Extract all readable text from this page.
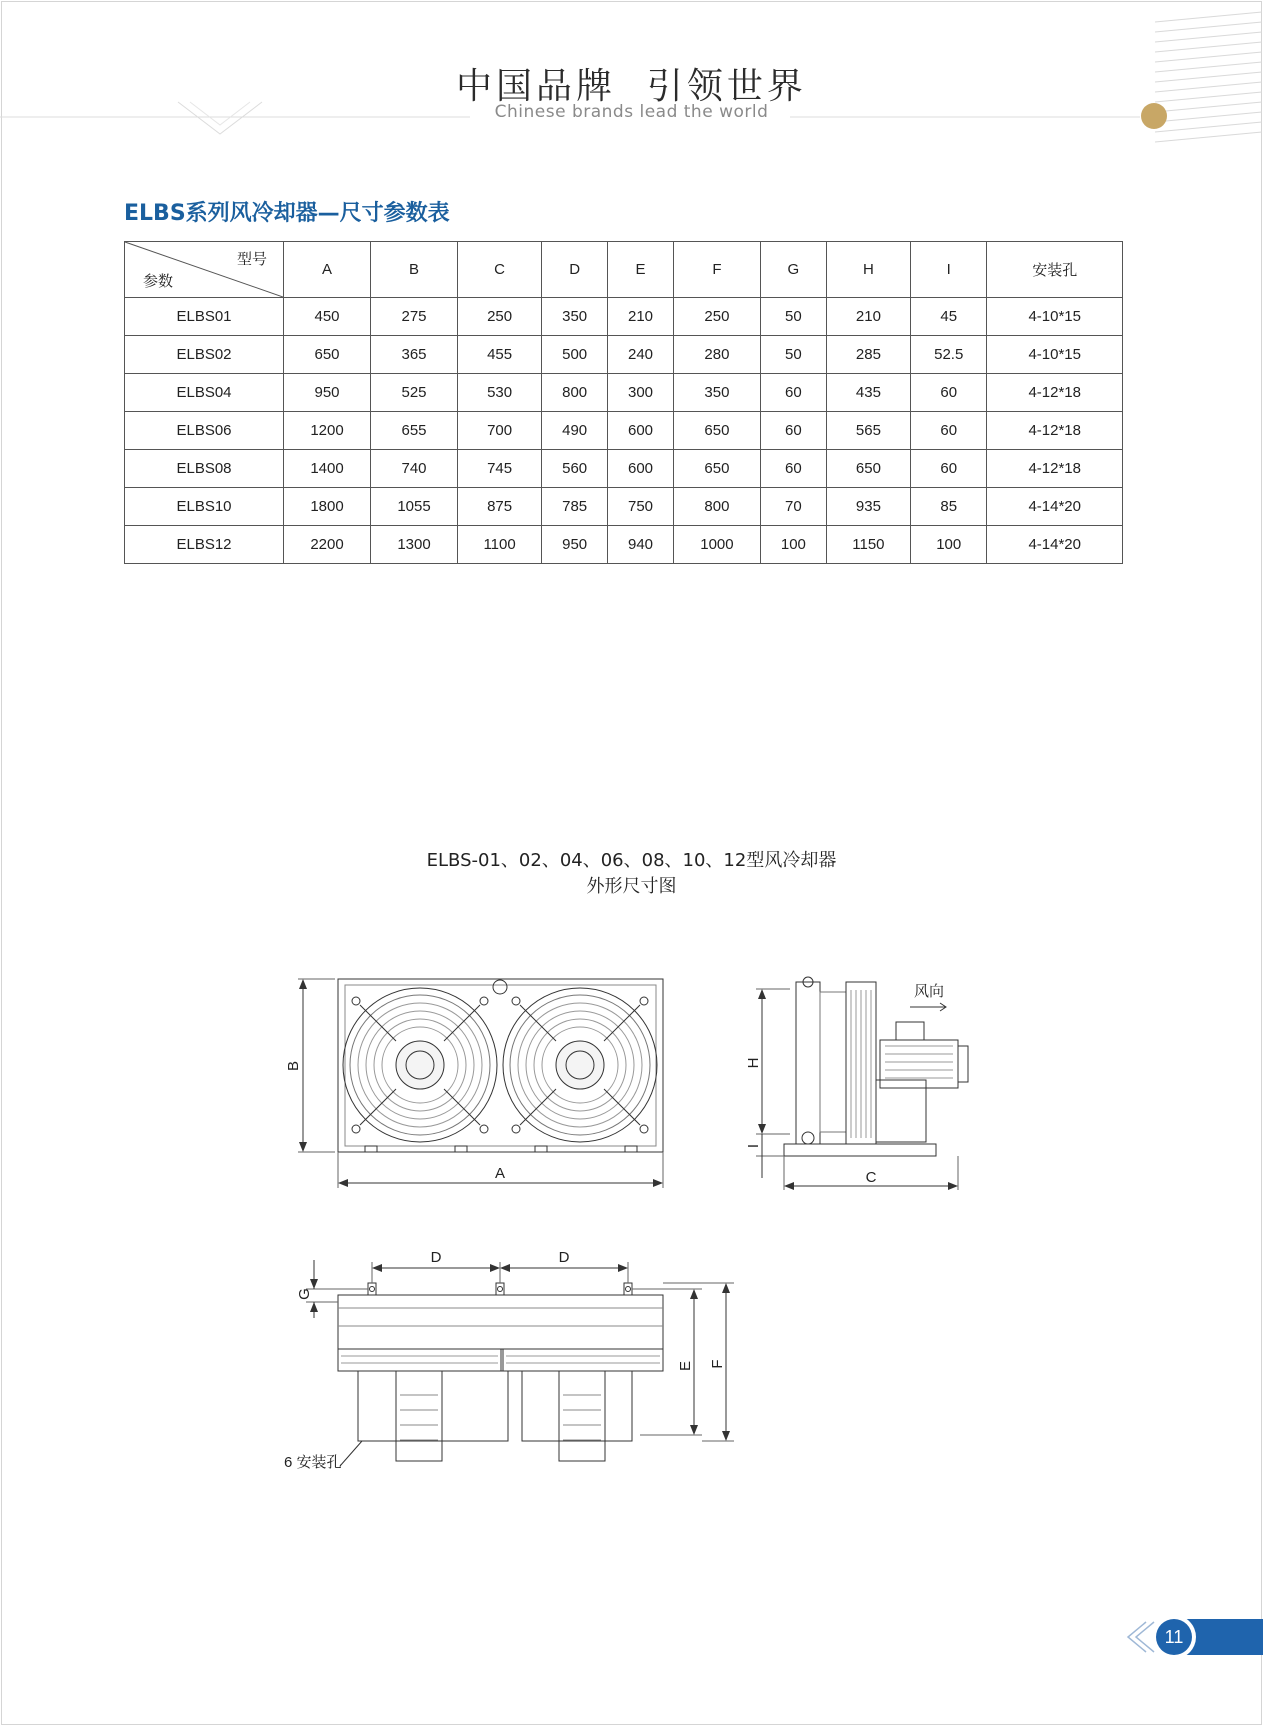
中国品牌  引领世界
Chinese brands lead the world
ELBS系列风冷却器—尺寸参数表
型号
参数	A	B	C	D	E	F	G	H	I	安装孔
ELBS01	450	275	250	350	210	250	50	210	45	4-10*15
ELBS02	650	365	455	500	240	280	50	285	52.5	4-10*15
ELBS04	950	525	530	800	300	350	60	435	60	4-12*18
ELBS06	1200	655	700	490	600	650	60	565	60	4-12*18
ELBS08	1400	740	745	560	600	650	60	650	60	4-12*18
ELBS10	1800	1055	875	785	750	800	70	935	85	4-14*20
ELBS12	2200	1300	1100	950	940	1000	100	1150	100	4-14*20
ELBS-01、02、04、06、08、10、12型风冷却器
外形尺寸图
B
A
风向
H
I
C
D	D
G
E F
6 安装孔
11
